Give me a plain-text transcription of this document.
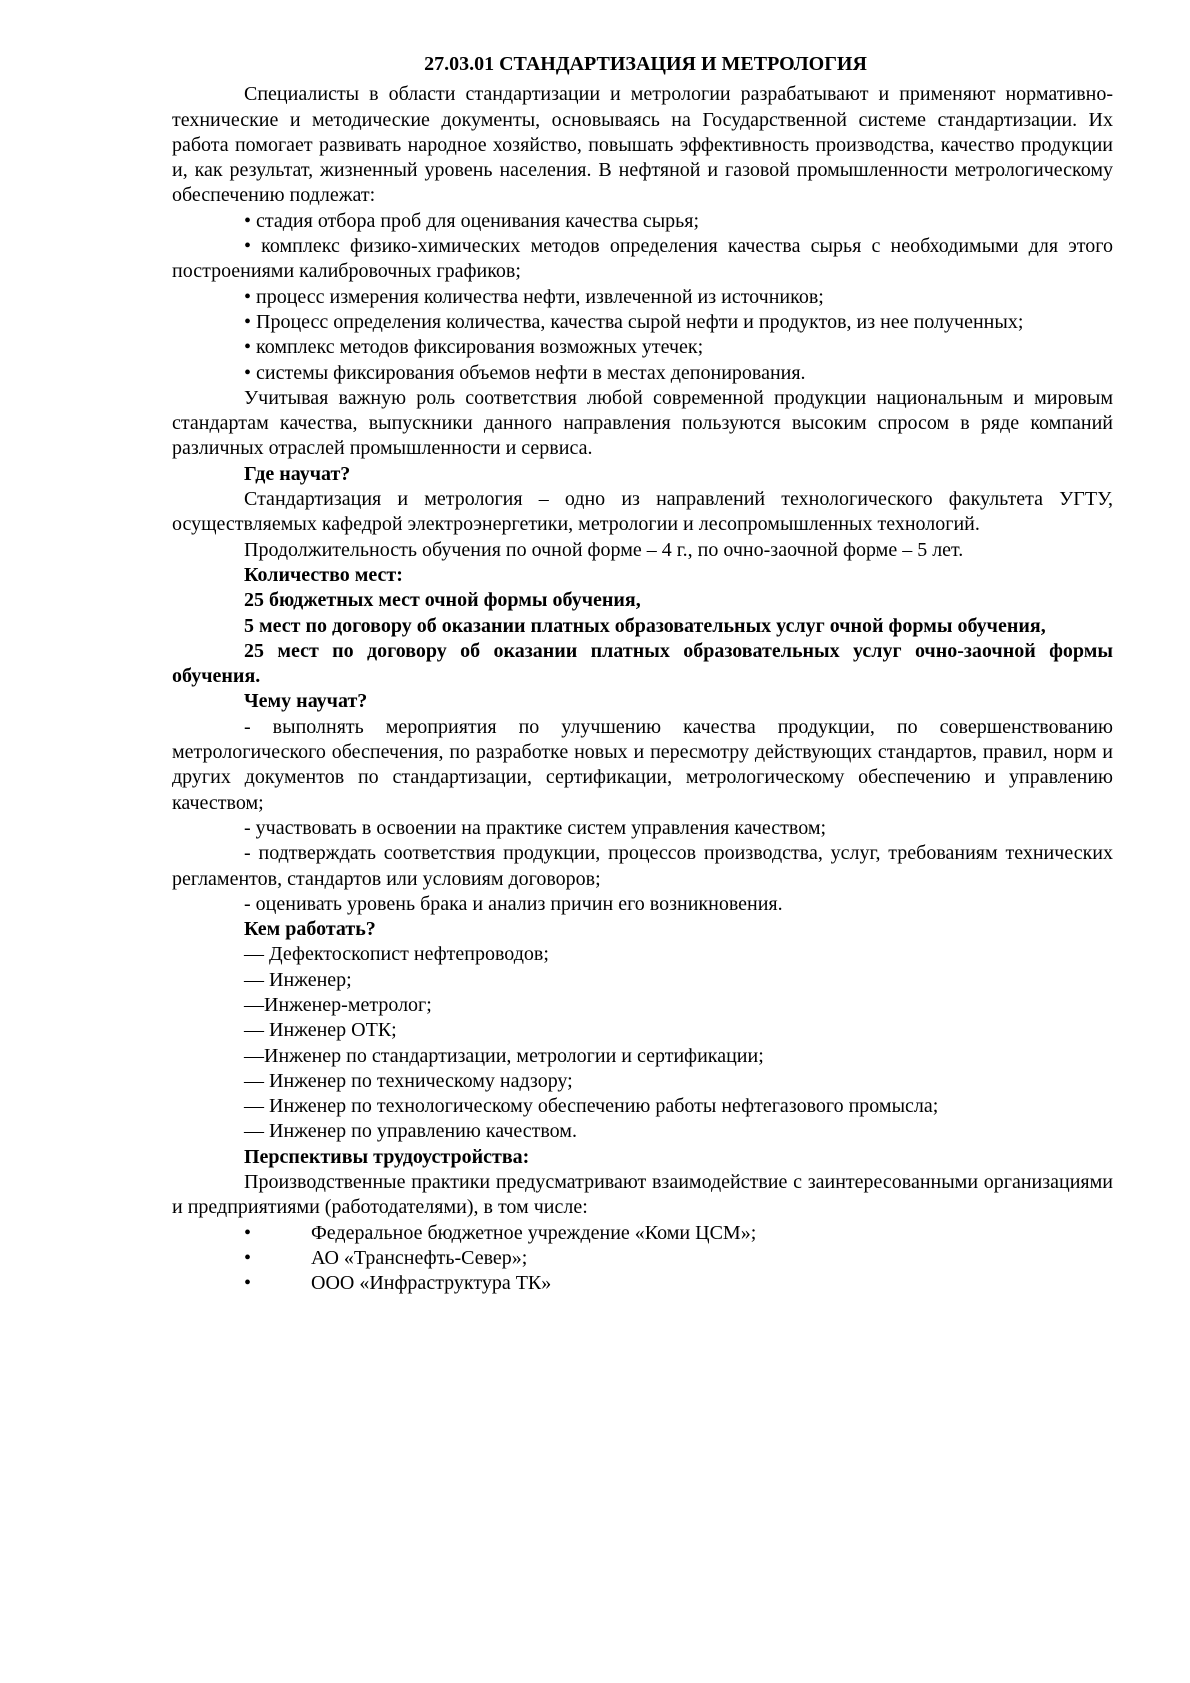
27.03.01 СТАНДАРТИЗАЦИЯ И МЕТРОЛОГИЯ

Специалисты в области стандартизации и метрологии разрабатывают и применяют нормативно-технические и методические документы, основываясь на Государственной системе стандартизации. Их работа помогает развивать народное хозяйство, повышать эффективность производства, качество продукции и, как результат, жизненный уровень населения. В нефтяной и газовой промышленности метрологическому обеспечению подлежат:

• стадия отбора проб для оценивания качества сырья;

• комплекс физико-химических методов определения качества сырья с необходимыми для этого построениями калибровочных графиков;

• процесс измерения количества нефти, извлеченной из источников;

• Процесс определения количества, качества сырой нефти и продуктов, из нее полученных;

• комплекс методов фиксирования возможных утечек;

• системы фиксирования объемов нефти в местах депонирования.

Учитывая важную роль соответствия любой современной продукции национальным и мировым стандартам качества, выпускники данного направления пользуются высоким спросом в ряде компаний различных отраслей промышленности и сервиса.

Где научат?

Стандартизация и метрология – одно из направлений технологического факультета УГТУ, осуществляемых кафедрой электроэнергетики, метрологии и лесопромышленных технологий.

Продолжительность обучения по очной форме – 4 г., по очно-заочной форме – 5 лет.

Количество мест:

25 бюджетных мест очной формы обучения,

5 мест по договору об оказании платных образовательных услуг очной формы обучения,

25 мест по договору об оказании платных образовательных услуг очно-заочной формы обучения.

Чему научат?

- выполнять мероприятия по улучшению качества продукции, по совершенствованию метрологического обеспечения, по разработке новых и пересмотру действующих стандартов, правил, норм и других документов по стандартизации, сертификации, метрологическому обеспечению и управлению качеством;

- участвовать в освоении на практике систем управления качеством;

- подтверждать соответствия продукции, процессов производства, услуг, требованиям технических регламентов, стандартов или условиям договоров;

- оценивать уровень брака и анализ причин его возникновения.

Кем работать?

— Дефектоскопист нефтепроводов;

— Инженер;

—Инженер-метролог;

— Инженер ОТК;

—Инженер по стандартизации, метрологии и сертификации;

— Инженер по техническому надзору;

— Инженер по технологическому обеспечению работы нефтегазового промысла;

— Инженер по управлению качеством.

Перспективы трудоустройства:

Производственные практики предусматривают взаимодействие с заинтересованными организациями и предприятиями (работодателями), в том числе:

•	Федеральное бюджетное учреждение «Коми ЦСМ»;

•	АО «Транснефть-Север»;

•	ООО «Инфраструктура ТК»
